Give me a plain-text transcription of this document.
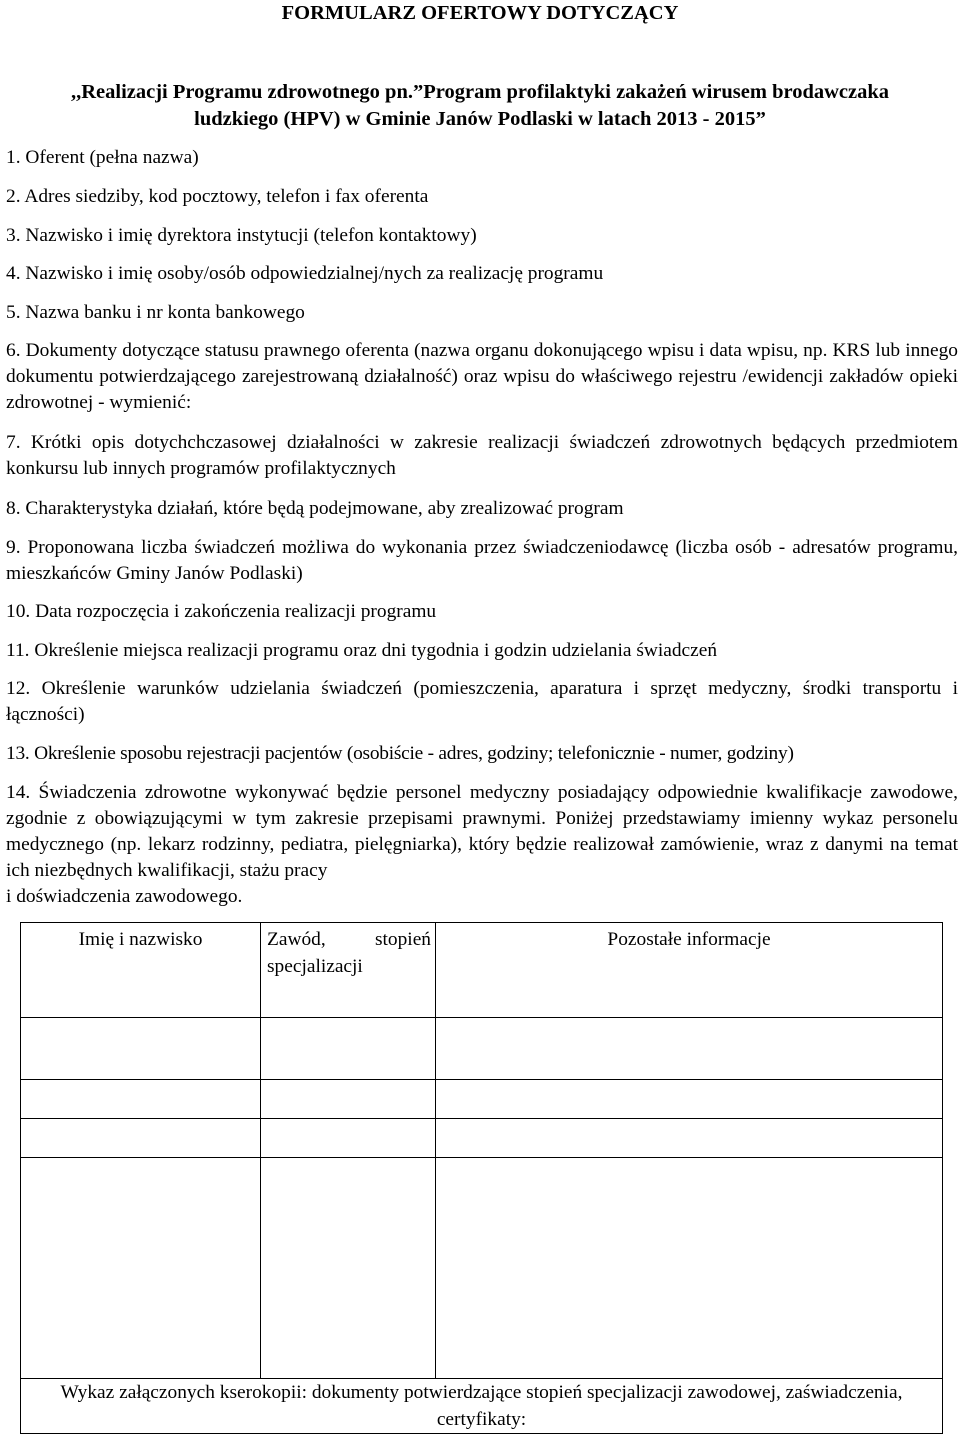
FORMULARZ OFERTOWY DOTYCZĄCY
,,Realizacji Programu zdrowotnego pn.”Program profilaktyki zakażeń wirusem brodawczaka
ludzkiego (HPV) w Gminie Janów Podlaski w latach 2013 - 2015”

1. Oferent (pełna nazwa)

2. Adres siedziby, kod pocztowy, telefon i fax oferenta

3. Nazwisko i imię dyrektora instytucji (telefon kontaktowy)

4. Nazwisko i imię osoby/osób odpowiedzialnej/nych za realizację programu

5. Nazwa banku i nr konta bankowego

6. Dokumenty dotyczące statusu prawnego oferenta (nazwa organu dokonującego wpisu i data wpisu, np. KRS lub innego dokumentu potwierdzającego zarejestrowaną działalność) oraz wpisu do właściwego rejestru /ewidencji zakładów opieki zdrowotnej - wymienić:

7. Krótki opis dotychchczasowej działalności w zakresie realizacji świadczeń zdrowotnych będących przedmiotem konkursu lub innych programów profilaktycznych

8. Charakterystyka działań, które będą podejmowane, aby zrealizować program

9. Proponowana liczba świadczeń możliwa do wykonania przez świadczeniodawcę (liczba osób - adresatów programu, mieszkańców Gminy Janów Podlaski)

10. Data rozpoczęcia i zakończenia realizacji programu

11. Określenie miejsca realizacji programu oraz dni tygodnia i godzin udzielania świadczeń

12. Określenie warunków udzielania świadczeń (pomieszczenia, aparatura i sprzęt medyczny, środki transportu i łączności)

13. Określenie sposobu rejestracji pacjentów (osobiście - adres, godziny; telefonicznie - numer, godziny)

14. Świadczenia zdrowotne wykonywać będzie personel medyczny posiadający odpowiednie kwalifikacje zawodowe, zgodnie z obowiązującymi w tym zakresie przepisami prawnymi. Poniżej przedstawiamy imienny wykaz personelu medycznego (np. lekarz rodzinny, pediatra, pielęgniarka), który będzie realizował zamówienie, wraz z danymi na temat ich niezbędnych kwalifikacji, stażu pracy

i doświadczenia zawodowego.

Imię i nazwisko	Zawód, stopień specjalizacji	Pozostałe informacje

Wykaz załączonych kserokopii: dokumenty potwierdzające stopień specjalizacji zawodowej, zaświadczenia, certyfikaty:		
